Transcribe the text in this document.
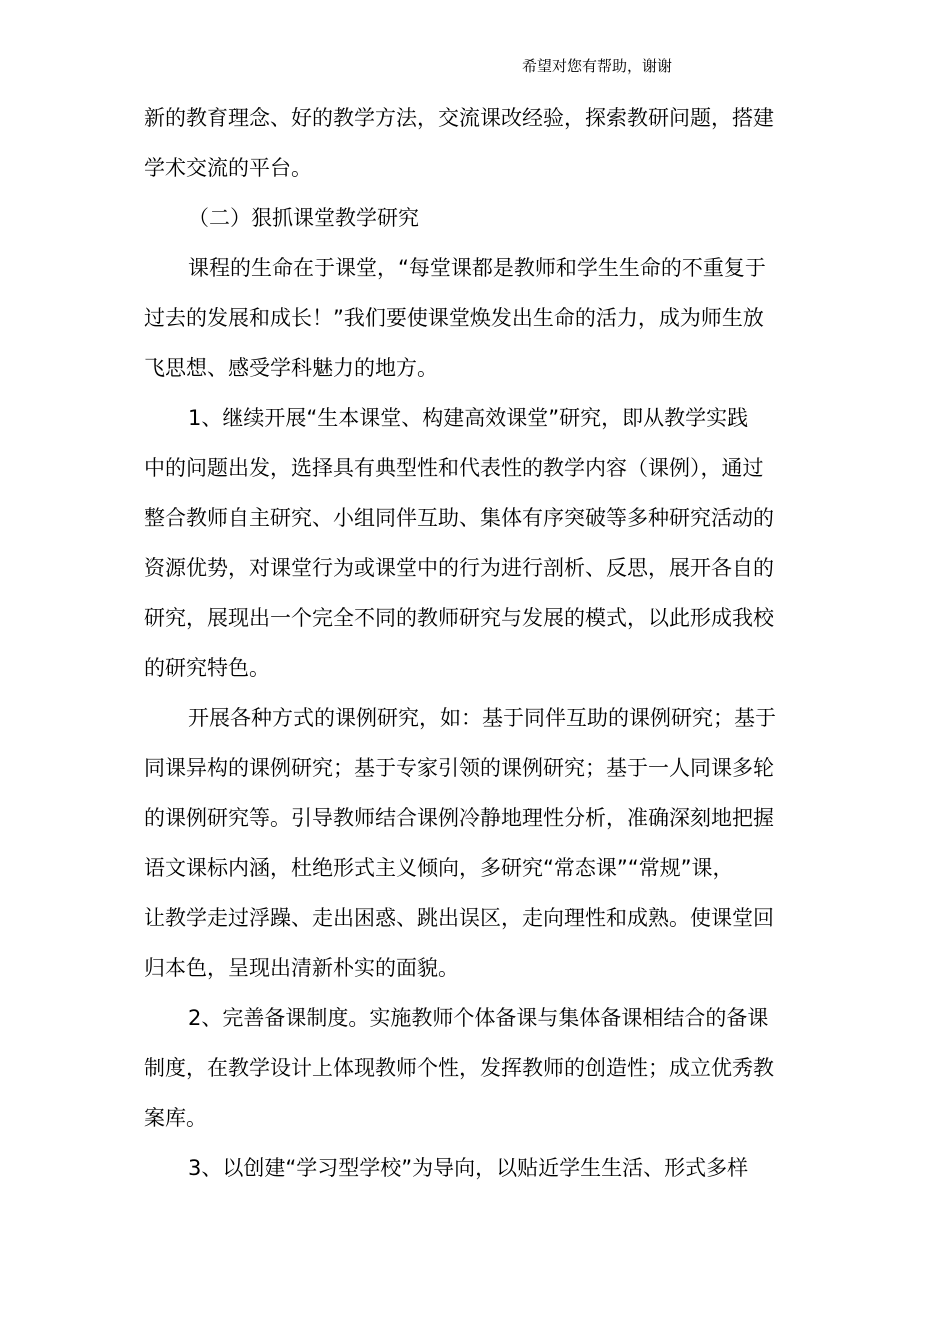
希望对您有帮助，谢谢
新的教育理念、好的教学方法，交流课改经验，探索教研问题，搭建
学术交流的平台。
（二）狠抓课堂教学研究
课程的生命在于课堂，“每堂课都是教师和学生生命的不重复于
过去的发展和成长！”我们要使课堂焕发出生命的活力，成为师生放
飞思想、感受学科魅力的地方。
1、继续开展“生本课堂、构建高效课堂”研究，即从教学实践
中的问题出发，选择具有典型性和代表性的教学内容（课例），通过
整合教师自主研究、小组同伴互助、集体有序突破等多种研究活动的
资源优势，对课堂行为或课堂中的行为进行剖析、反思，展开各自的
研究，展现出一个完全不同的教师研究与发展的模式，以此形成我校
的研究特色。
开展各种方式的课例研究，如：基于同伴互助的课例研究；基于
同课异构的课例研究；基于专家引领的课例研究；基于一人同课多轮
的课例研究等。引导教师结合课例冷静地理性分析，准确深刻地把握
语文课标内涵，杜绝形式主义倾向，多研究“常态课”“常规”课，
让教学走过浮躁、走出困惑、跳出误区，走向理性和成熟。使课堂回
归本色，呈现出清新朴实的面貌。
2、完善备课制度。实施教师个体备课与集体备课相结合的备课
制度，在教学设计上体现教师个性，发挥教师的创造性；成立优秀教
案库。
3、以创建“学习型学校”为导向，以贴近学生生活、形式多样
